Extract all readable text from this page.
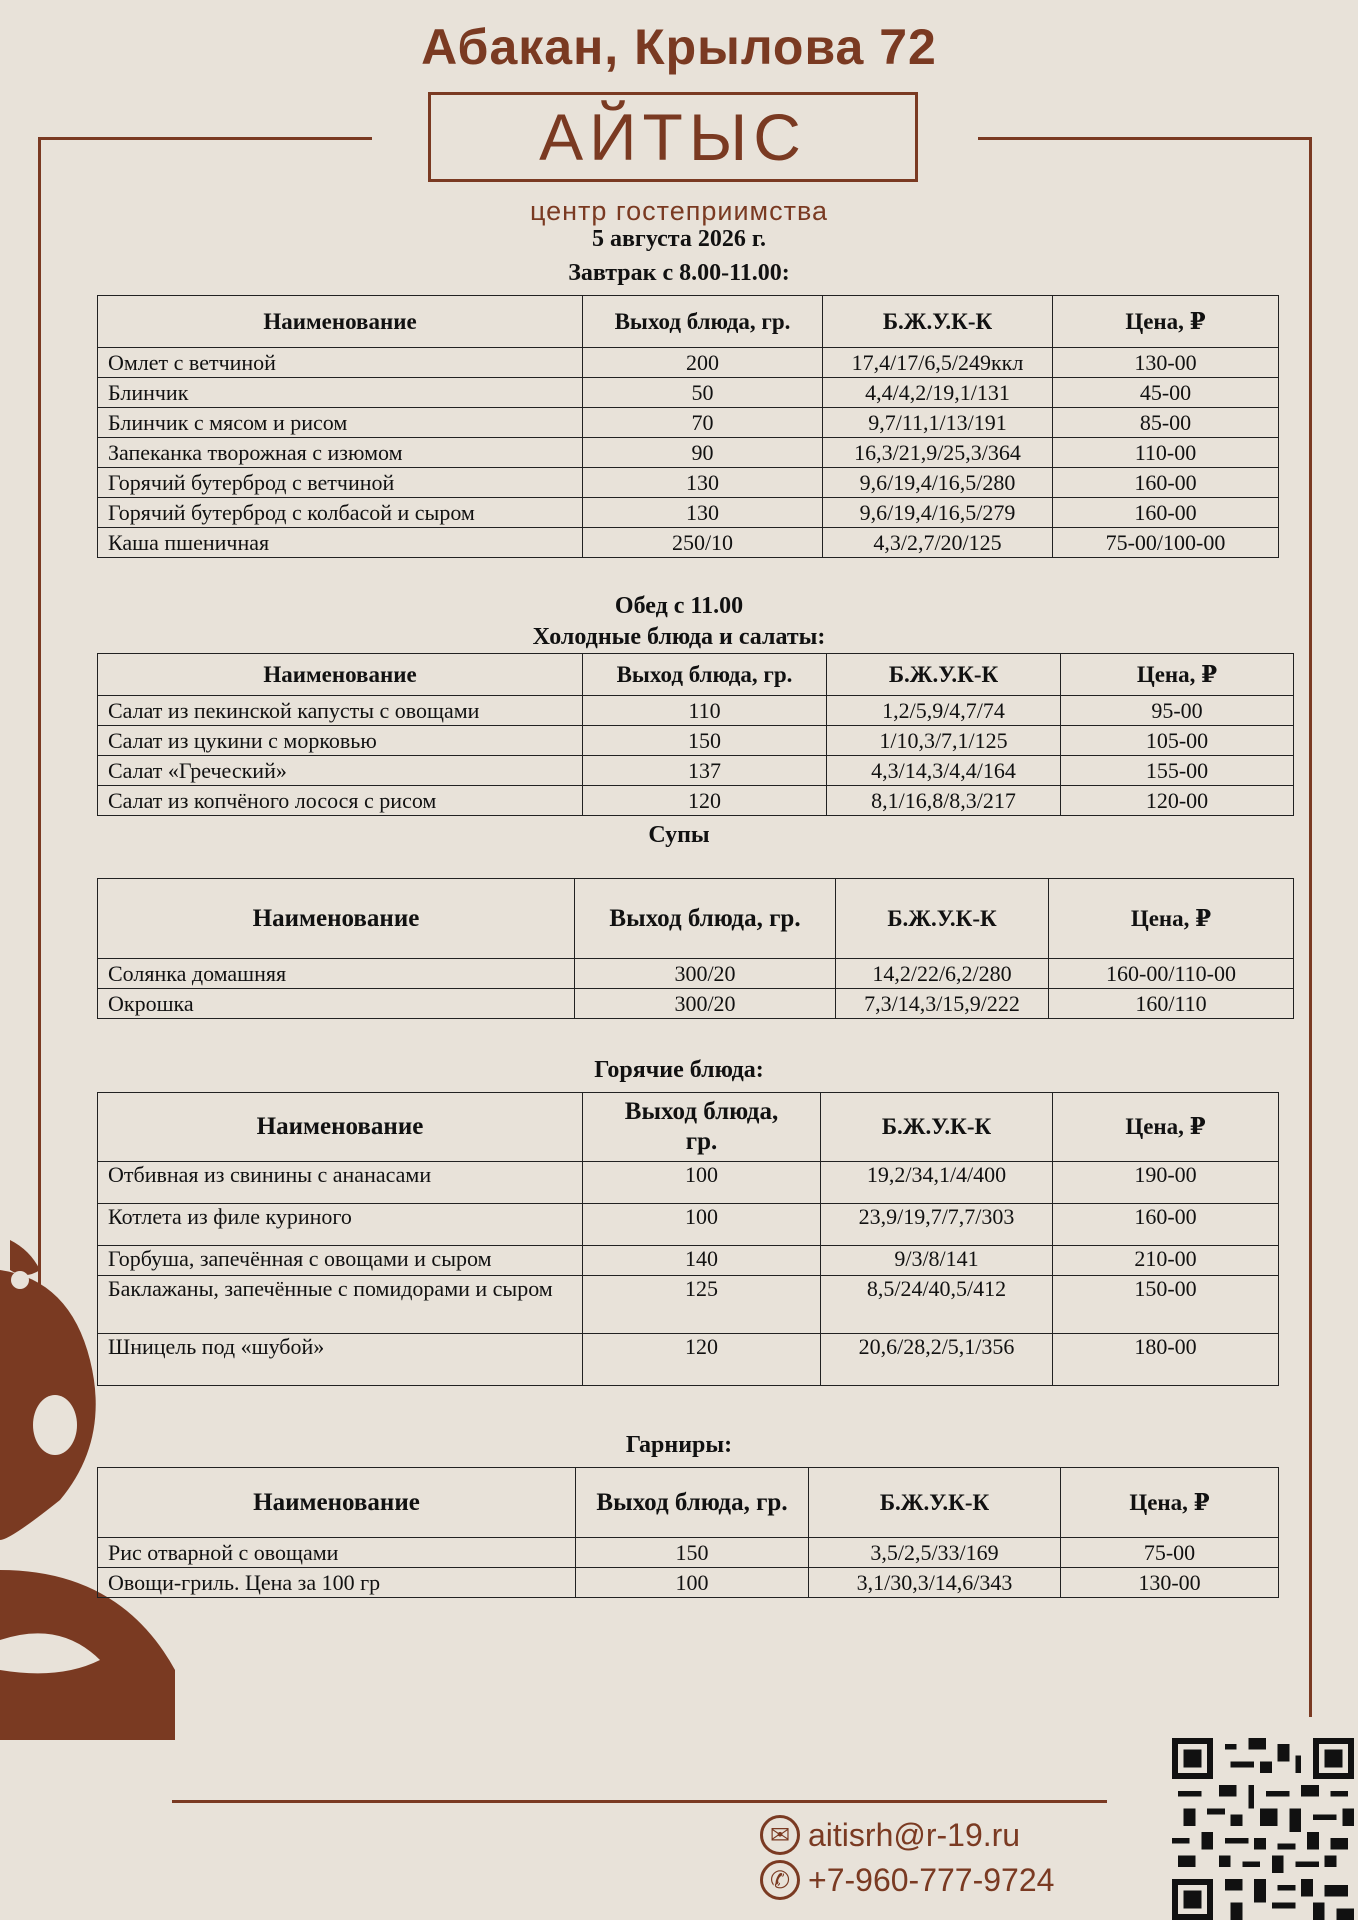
Абакан, Крылова 72
АЙТЫС
центр гостеприимства
5 августа 2026 г.
Завтрак с 8.00-11.00:
Наименование	Выход блюда, гр.	Б.Ж.У.К-К	Цена, ₽
Омлет с ветчиной	200	17,4/17/6,5/249ккл	130-00
Блинчик	50	4,4/4,2/19,1/131	45-00
Блинчик с мясом и рисом	70	9,7/11,1/13/191	85-00
Запеканка творожная с изюмом	90	16,3/21,9/25,3/364	110-00
Горячий бутерброд с ветчиной	130	9,6/19,4/16,5/280	160-00
Горячий бутерброд с колбасой и сыром	130	9,6/19,4/16,5/279	160-00
Каша пшеничная	250/10	4,3/2,7/20/125	75-00/100-00
Обед с 11.00
Холодные блюда и салаты:
Наименование	Выход блюда, гр.	Б.Ж.У.К-К	Цена, ₽
Салат из пекинской капусты с овощами	110	1,2/5,9/4,7/74	95-00
Салат из цукини с морковью	150	1/10,3/7,1/125	105-00
Салат «Греческий»	137	4,3/14,3/4,4/164	155-00
Салат из копчёного лосося с рисом	120	8,1/16,8/8,3/217	120-00
Супы
Наименование	Выход блюда, гр.	Б.Ж.У.К-К	Цена, ₽
Солянка домашняя	300/20	14,2/22/6,2/280	160-00/110-00
Окрошка	300/20	7,3/14,3/15,9/222	160/110
Горячие блюда:
Наименование	Выход блюда, гр.	Б.Ж.У.К-К	Цена, ₽
Отбивная из свинины с ананасами	100	19,2/34,1/4/400	190-00
Котлета из филе куриного	100	23,9/19,7/7,7/303	160-00
Горбуша, запечённая с овощами и сыром	140	9/3/8/141	210-00
Баклажаны, запечённые с помидорами и сыром	125	8,5/24/40,5/412	150-00
Шницель под «шубой»	120	20,6/28,2/5,1/356	180-00
Гарниры:
Наименование	Выход блюда, гр.	Б.Ж.У.К-К	Цена, ₽
Рис отварной с овощами	150	3,5/2,5/33/169	75-00
Овощи-гриль. Цена за 100 гр	100	3,1/30,3/14,6/343	130-00
✉ aitisrh@r-19.ru
✆ +7-960-777-9724
